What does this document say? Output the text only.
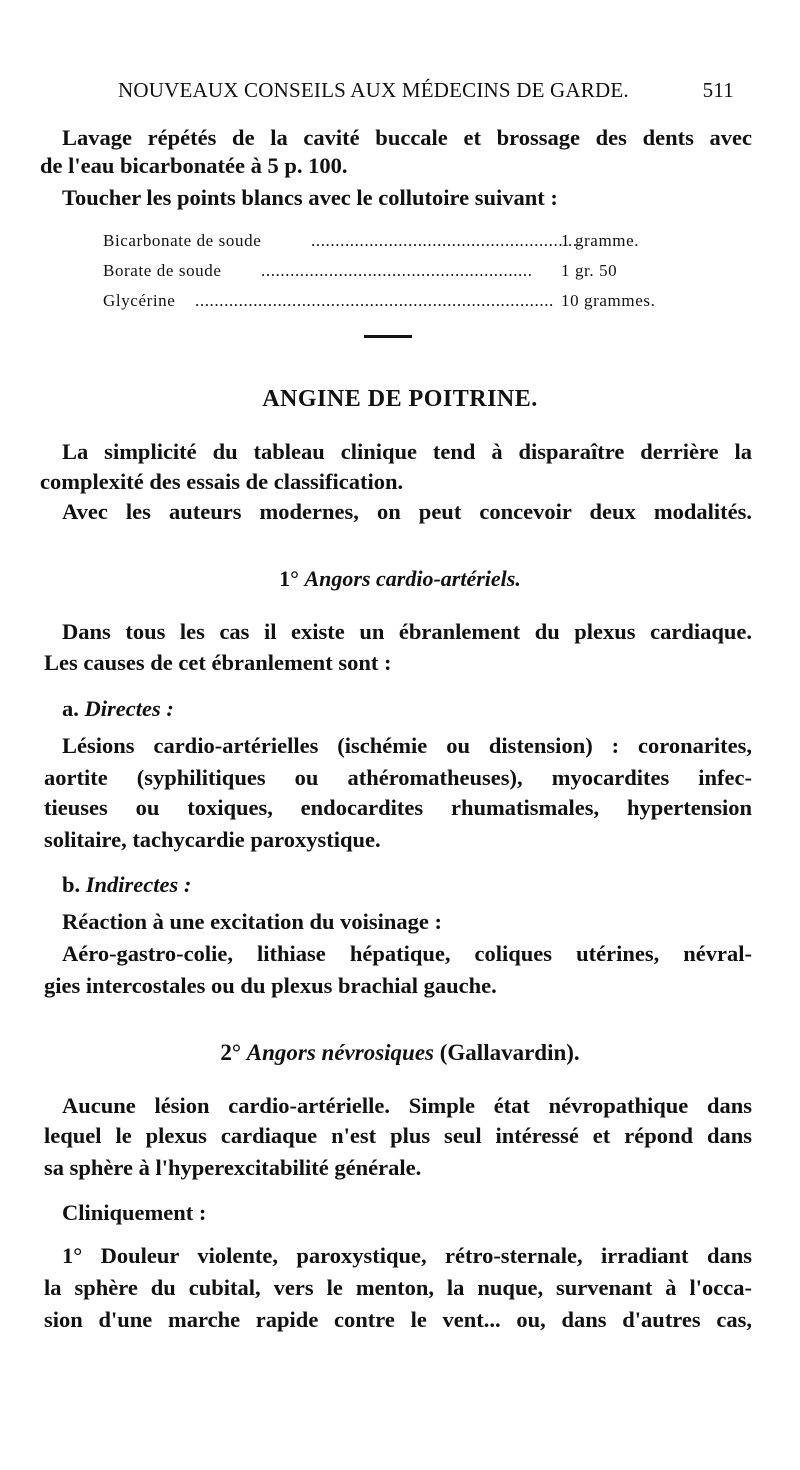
NOUVEAUX CONSEILS AUX MÉDECINS DE GARDE.	511
Lavage répétés de la cavité buccale et brossage des dents avec
de l'eau bicarbonatée à 5 p. 100.
Toucher les points blancs avec le collutoire suivant :
Bicarbonate de soude	........................................................
1 gramme.
Borate de soude ........................................................ 1 gr. 50
Glycérine .......................................................................... 10 grammes.
ANGINE DE POITRINE.
La simplicité du tableau clinique tend à disparaître derrière la
complexité des essais de classification.
Avec les auteurs modernes, on peut concevoir deux modalités.
1° Angors cardio-artériels.
Dans tous les cas il existe un ébranlement du plexus cardiaque.
Les causes de cet ébranlement sont :
a. Directes :
Lésions cardio-artérielles (ischémie ou distension) : coronarites,
aortite (syphilitiques ou athéromatheuses), myocardites infec-
tieuses ou toxiques, endocardites rhumatismales, hypertension
solitaire, tachycardie paroxystique.
b. Indirectes :
Réaction à une excitation du voisinage :
Aéro-gastro-colie, lithiase hépatique, coliques utérines, névral-
gies intercostales ou du plexus brachial gauche.
2° Angors névrosiques (Gallavardin).
Aucune lésion cardio-artérielle. Simple état névropathique dans
lequel le plexus cardiaque n'est plus seul intéressé et répond dans
sa sphère à l'hyperexcitabilité générale.
Cliniquement :
1° Douleur violente, paroxystique, rétro-sternale, irradiant dans
la sphère du cubital, vers le menton, la nuque, survenant à l'occa-
sion d'une marche rapide contre le vent... ou, dans d'autres cas,
